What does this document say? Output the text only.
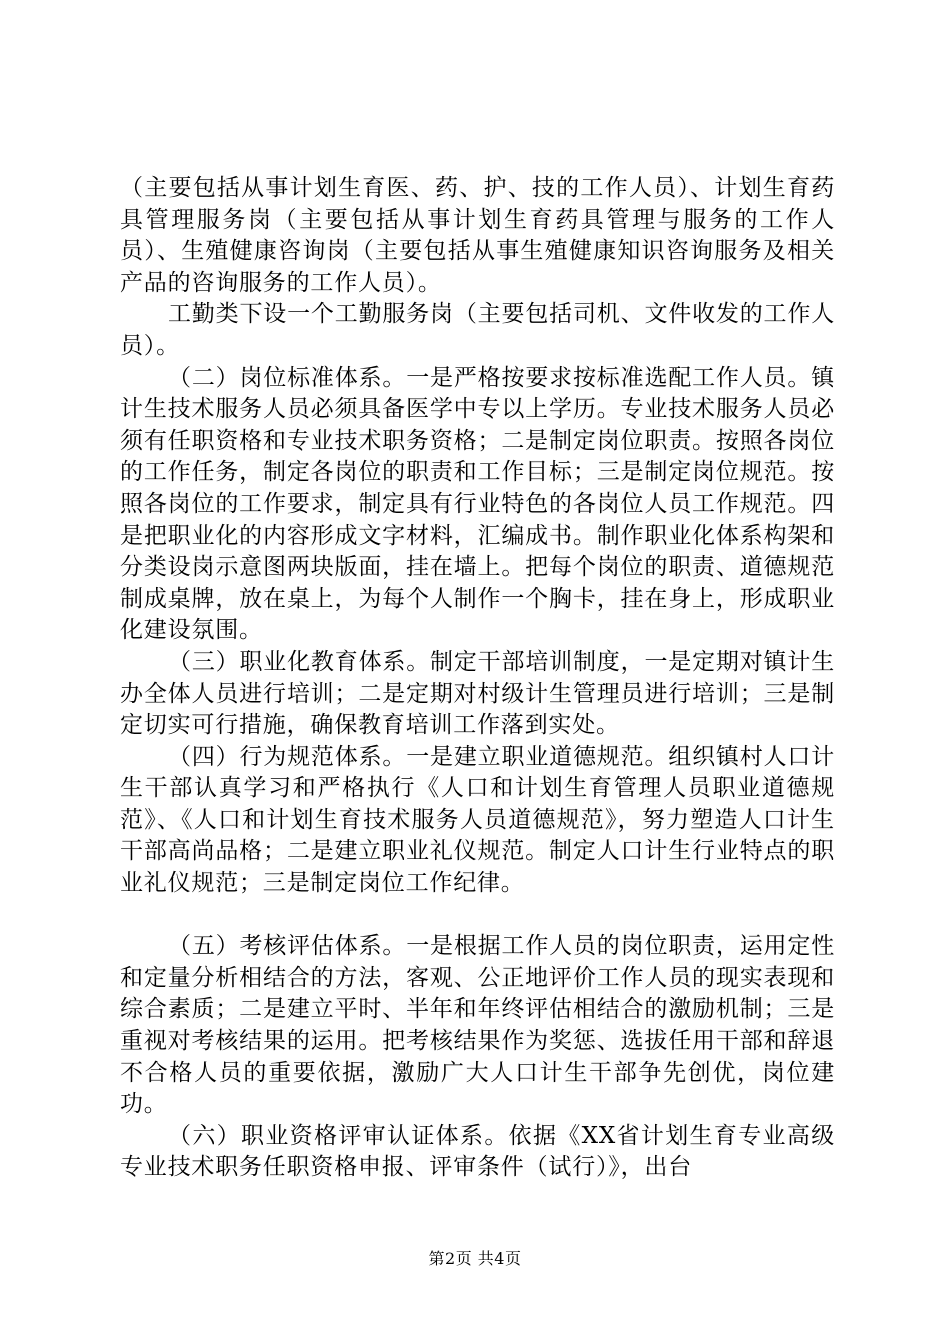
（主要包括从事计划生育医、药、护、技的工作人员）、计划生育药具管理服务岗（主要包括从事计划生育药具管理与服务的工作人员）、生殖健康咨询岗（主要包括从事生殖健康知识咨询服务及相关产品的咨询服务的工作人员）。

工勤类下设一个工勤服务岗（主要包括司机、文件收发的工作人员）。

（二）岗位标准体系。一是严格按要求按标准选配工作人员。镇计生技术服务人员必须具备医学中专以上学历。专业技术服务人员必须有任职资格和专业技术职务资格；二是制定岗位职责。按照各岗位的工作任务，制定各岗位的职责和工作目标；三是制定岗位规范。按照各岗位的工作要求，制定具有行业特色的各岗位人员工作规范。四是把职业化的内容形成文字材料，汇编成书。制作职业化体系构架和分类设岗示意图两块版面，挂在墙上。把每个岗位的职责、道德规范制成桌牌，放在桌上，为每个人制作一个胸卡，挂在身上，形成职业化建设氛围。

（三）职业化教育体系。制定干部培训制度，一是定期对镇计生办全体人员进行培训；二是定期对村级计生管理员进行培训；三是制定切实可行措施，确保教育培训工作落到实处。

（四）行为规范体系。一是建立职业道德规范。组织镇村人口计生干部认真学习和严格执行《人口和计划生育管理人员职业道德规范》、《人口和计划生育技术服务人员道德规范》，努力塑造人口计生干部高尚品格；二是建立职业礼仪规范。制定人口计生行业特点的职业礼仪规范；三是制定岗位工作纪律。

（五）考核评估体系。一是根据工作人员的岗位职责，运用定性和定量分析相结合的方法，客观、公正地评价工作人员的现实表现和综合素质；二是建立平时、半年和年终评估相结合的激励机制；三是重视对考核结果的运用。把考核结果作为奖惩、选拔任用干部和辞退不合格人员的重要依据，激励广大人口计生干部争先创优，岗位建功。

（六）职业资格评审认证体系。依据《XX省计划生育专业高级专业技术职务任职资格申报、评审条件（试行）》，出台

第2页 共4页
